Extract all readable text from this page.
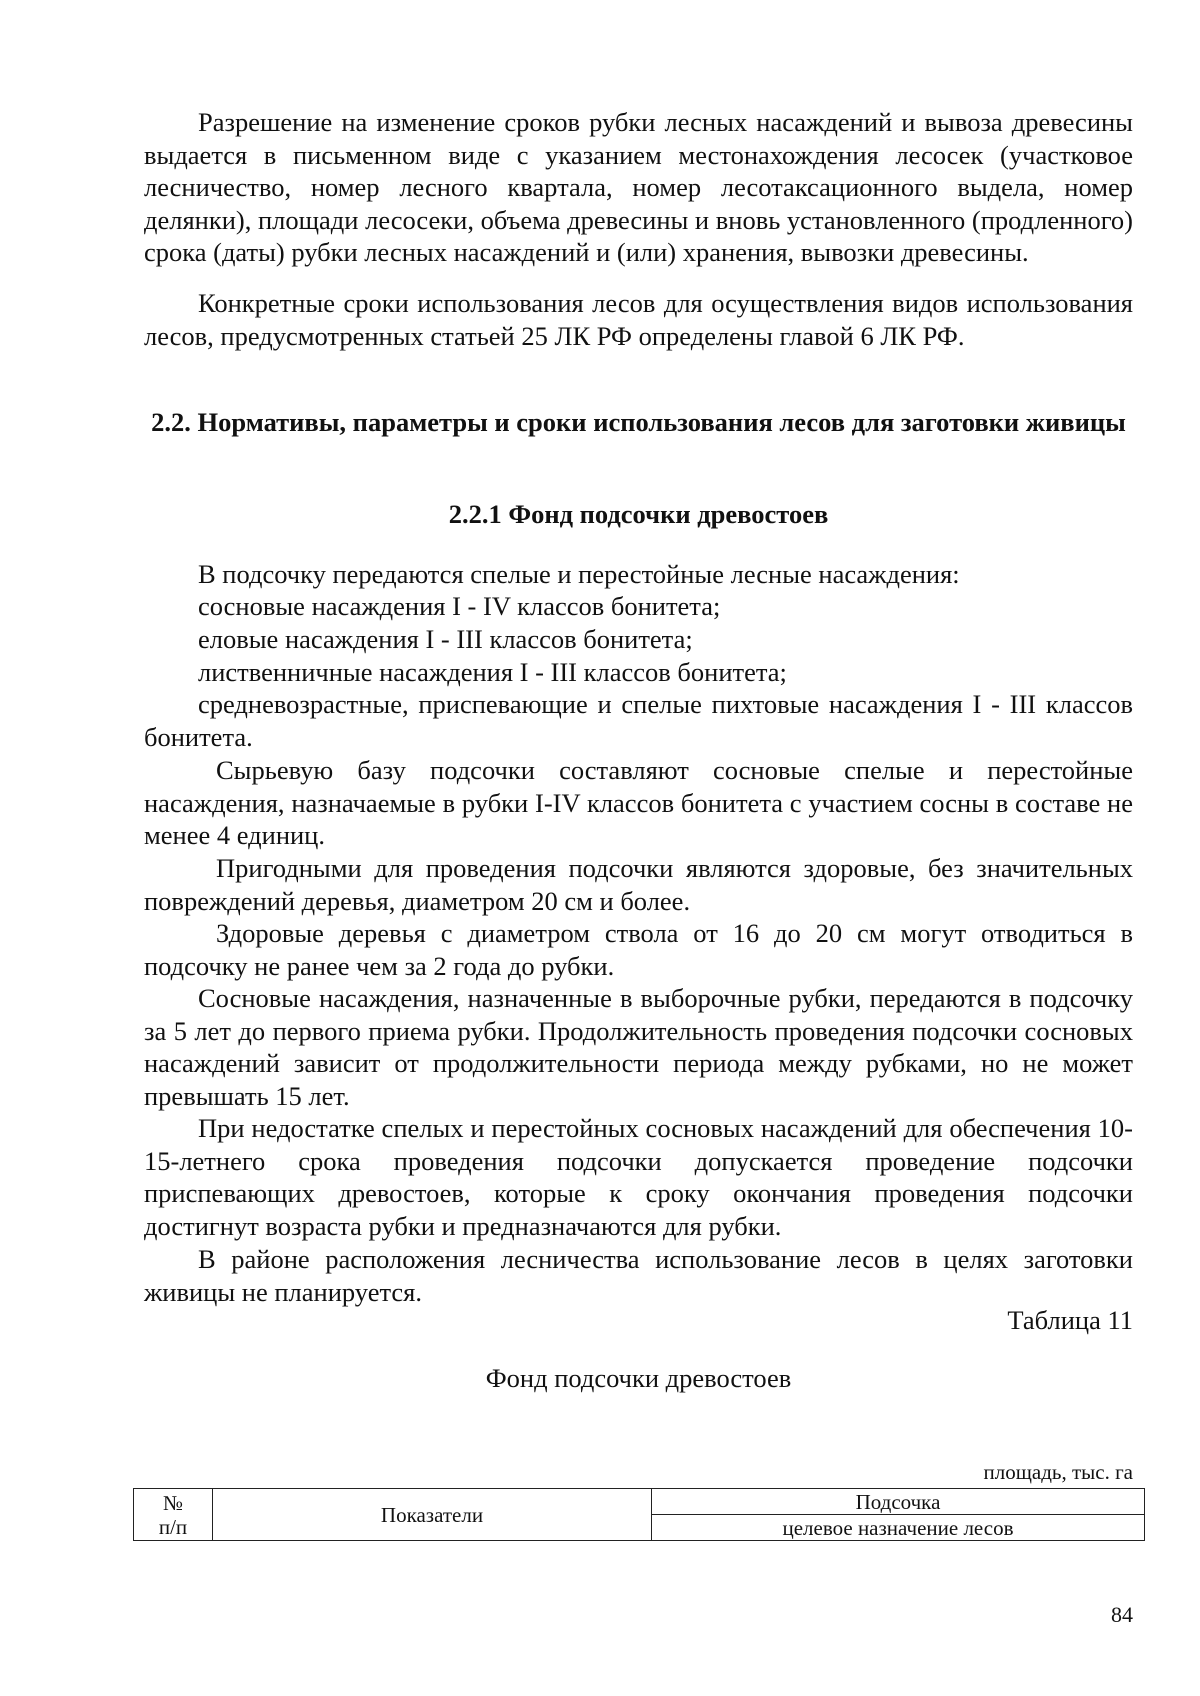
Разрешение на изменение сроков рубки лесных насаждений и вывоза древесины выдается в письменном виде с указанием местонахождения лесосек (участковое лесничество, номер лесного квартала, номер лесотаксационного выдела, номер делянки), площади лесосеки, объема древесины и вновь установленного (продленного) срока (даты) рубки лесных насаждений и (или) хранения, вывозки древесины.

Конкретные сроки использования лесов для осуществления видов использования лесов, предусмотренных статьей 25 ЛК РФ определены главой 6 ЛК РФ.

2.2. Нормативы, параметры и сроки использования лесов для заготовки живицы
2.2.1 Фонд подсочки древостоев

В подсочку передаются спелые и перестойные лесные насаждения:

сосновые насаждения I - IV классов бонитета;

еловые насаждения I - III классов бонитета;

лиственничные насаждения I - III классов бонитета;

средневозрастные, приспевающие и спелые пихтовые насаждения I - III классов бонитета.

Сырьевую базу подсочки составляют сосновые спелые и перестойные насаждения, назначаемые в рубки I-IV классов бонитета с участием сосны в составе не менее 4 единиц.

Пригодными для проведения подсочки являются здоровые, без значительных повреждений деревья, диаметром 20 см и более.

Здоровые деревья с диаметром ствола от 16 до 20 см могут отводиться в подсочку не ранее чем за 2 года до рубки.

Сосновые насаждения, назначенные в выборочные рубки, передаются в подсочку за 5 лет до первого приема рубки. Продолжительность проведения подсочки сосновых насаждений зависит от продолжительности периода между рубками, но не может превышать 15 лет.

При недостатке спелых и перестойных сосновых насаждений для обеспечения 10-15-летнего срока проведения подсочки допускается проведение подсочки приспевающих древостоев, которые к сроку окончания проведения подсочки достигнут возраста рубки и предназначаются для рубки.

В районе расположения лесничества использование лесов в целях заготовки живицы не планируется.

Таблица 11

Фонд подсочки древостоев

площадь, тыс. га

№
п/п	Показатели	Подсочка
целевое назначение лесов

84
